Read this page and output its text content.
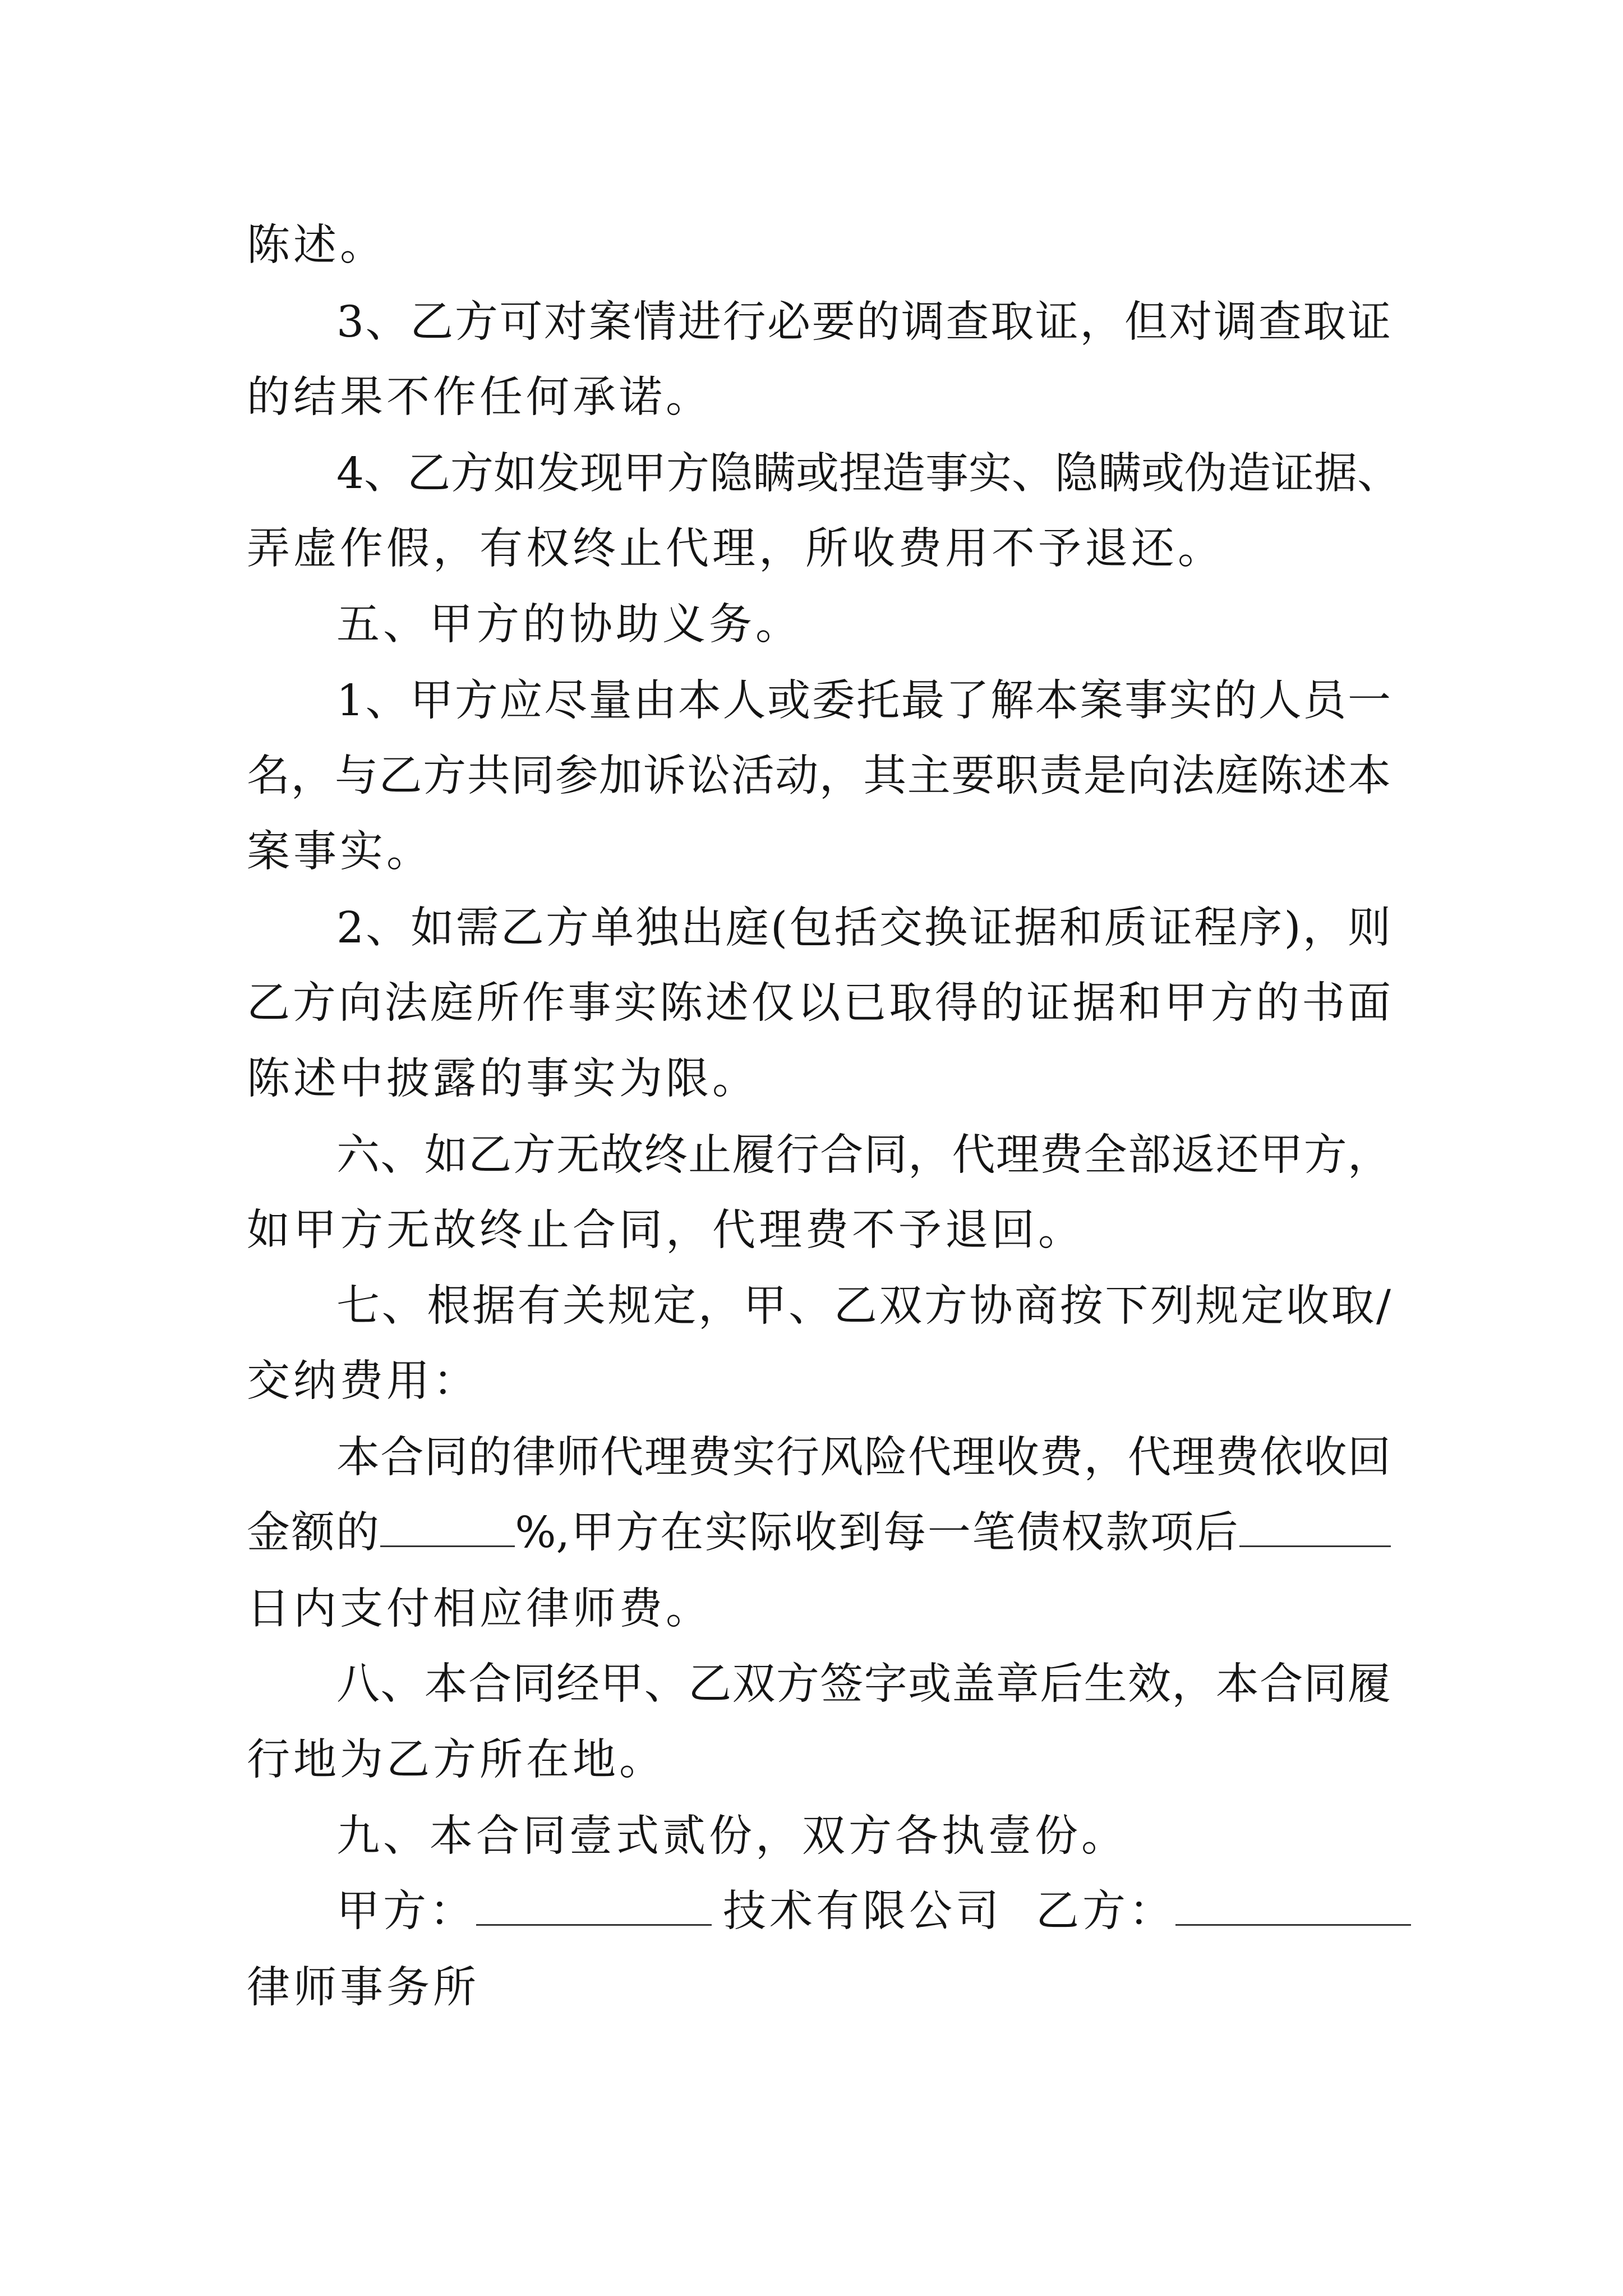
陈述。

3、乙方可对案情进行必要的调查取证，但对调查取证

的结果不作任何承诺。

4、乙方如发现甲方隐瞒或捏造事实、隐瞒或伪造证据、

弄虚作假，有权终止代理，所收费用不予退还。

五、甲方的协助义务。

1、甲方应尽量由本人或委托最了解本案事实的人员一

名，与乙方共同参加诉讼活动，其主要职责是向法庭陈述本

案事实。

2、如需乙方单独出庭(包括交换证据和质证程序)，则

乙方向法庭所作事实陈述仅以已取得的证据和甲方的书面

陈述中披露的事实为限。

六、如乙方无故终止履行合同，代理费全部返还甲方，

如甲方无故终止合同，代理费不予退回。

七、根据有关规定，甲、乙双方协商按下列规定收取/

交纳费用：

本合同的律师代理费实行风险代理收费，代理费依收回

金额的	%,甲方在实际收到每一笔债权款项后

日内支付相应律师费。

八、本合同经甲、乙双方签字或盖章后生效，本合同履

行地为乙方所在地。

九、本合同壹式贰份，双方各执壹份。

甲方：	技术有限公司 乙方：

律师事务所
